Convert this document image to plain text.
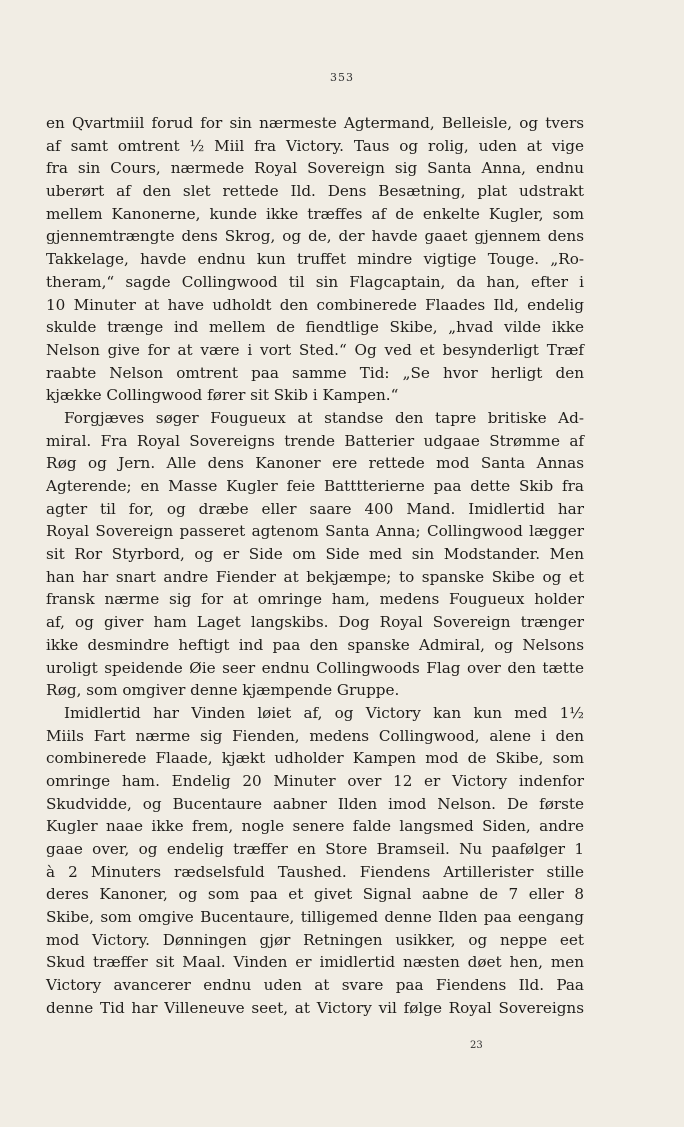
353
en Qvartmiil forud for sin nærmeste Agtermand, Belleisle, og tvers
af samt omtrent ½ Miil fra Victory. Taus og rolig, uden at vige
fra sin Cours, nærmede Royal Sovereign sig Santa Anna, endnu
uberørt af den slet rettede Ild. Dens Besætning, plat udstrakt
mellem Kanonerne, kunde ikke træffes af de enkelte Kugler, som
gjennemtrængte dens Skrog, og de, der havde gaaet gjennem dens
Takkelage, havde endnu kun truffet mindre vigtige Touge. „Ro-
theram,“ sagde Collingwood til sin Flagcaptain, da han, efter i
10 Minuter at have udholdt den combinerede Flaades Ild, endelig
skulde trænge ind mellem de fiendtlige Skibe, „hvad vilde ikke
Nelson give for at være i vort Sted.“ Og ved et besynderligt Træf
raabte Nelson omtrent paa samme Tid: „Se hvor herligt den
kjække Collingwood fører sit Skib i Kampen.“
Forgjæves søger Fougueux at standse den tapre britiske Ad-
miral. Fra Royal Sovereigns trende Batterier udgaae Strømme af
Røg og Jern. Alle dens Kanoner ere rettede mod Santa Annas
Agterende; en Masse Kugler feie Batttterierne paa dette Skib fra
agter til for, og dræbe eller saare 400 Mand. Imidlertid har
Royal Sovereign passeret agtenom Santa Anna; Collingwood lægger
sit Ror Styrbord, og er Side om Side med sin Modstander. Men
han har snart andre Fiender at bekjæmpe; to spanske Skibe og et
fransk nærme sig for at omringe ham, medens Fougueux holder
af, og giver ham Laget langskibs. Dog Royal Sovereign trænger
ikke desmindre heftigt ind paa den spanske Admiral, og Nelsons
uroligt speidende Øie seer endnu Collingwoods Flag over den tætte
Røg, som omgiver denne kjæmpende Gruppe.
Imidlertid har Vinden løiet af, og Victory kan kun med 1½
Miils Fart nærme sig Fienden, medens Collingwood, alene i den
combinerede Flaade, kjækt udholder Kampen mod de Skibe, som
omringe ham. Endelig 20 Minuter over 12 er Victory indenfor
Skudvidde, og Bucentaure aabner Ilden imod Nelson. De første
Kugler naae ikke frem, nogle senere falde langsmed Siden, andre
gaae over, og endelig træffer en Store Bramseil. Nu paafølger 1
à 2 Minuters rædselsfuld Taushed. Fiendens Artillerister stille
deres Kanoner, og som paa et givet Signal aabne de 7 eller 8
Skibe, som omgive Bucentaure, tilligemed denne Ilden paa eengang
mod Victory. Dønningen gjør Retningen usikker, og neppe eet
Skud træffer sit Maal. Vinden er imidlertid næsten døet hen, men
Victory avancerer endnu uden at svare paa Fiendens Ild. Paa
denne Tid har Villeneuve seet, at Victory vil følge Royal Sovereigns
23
